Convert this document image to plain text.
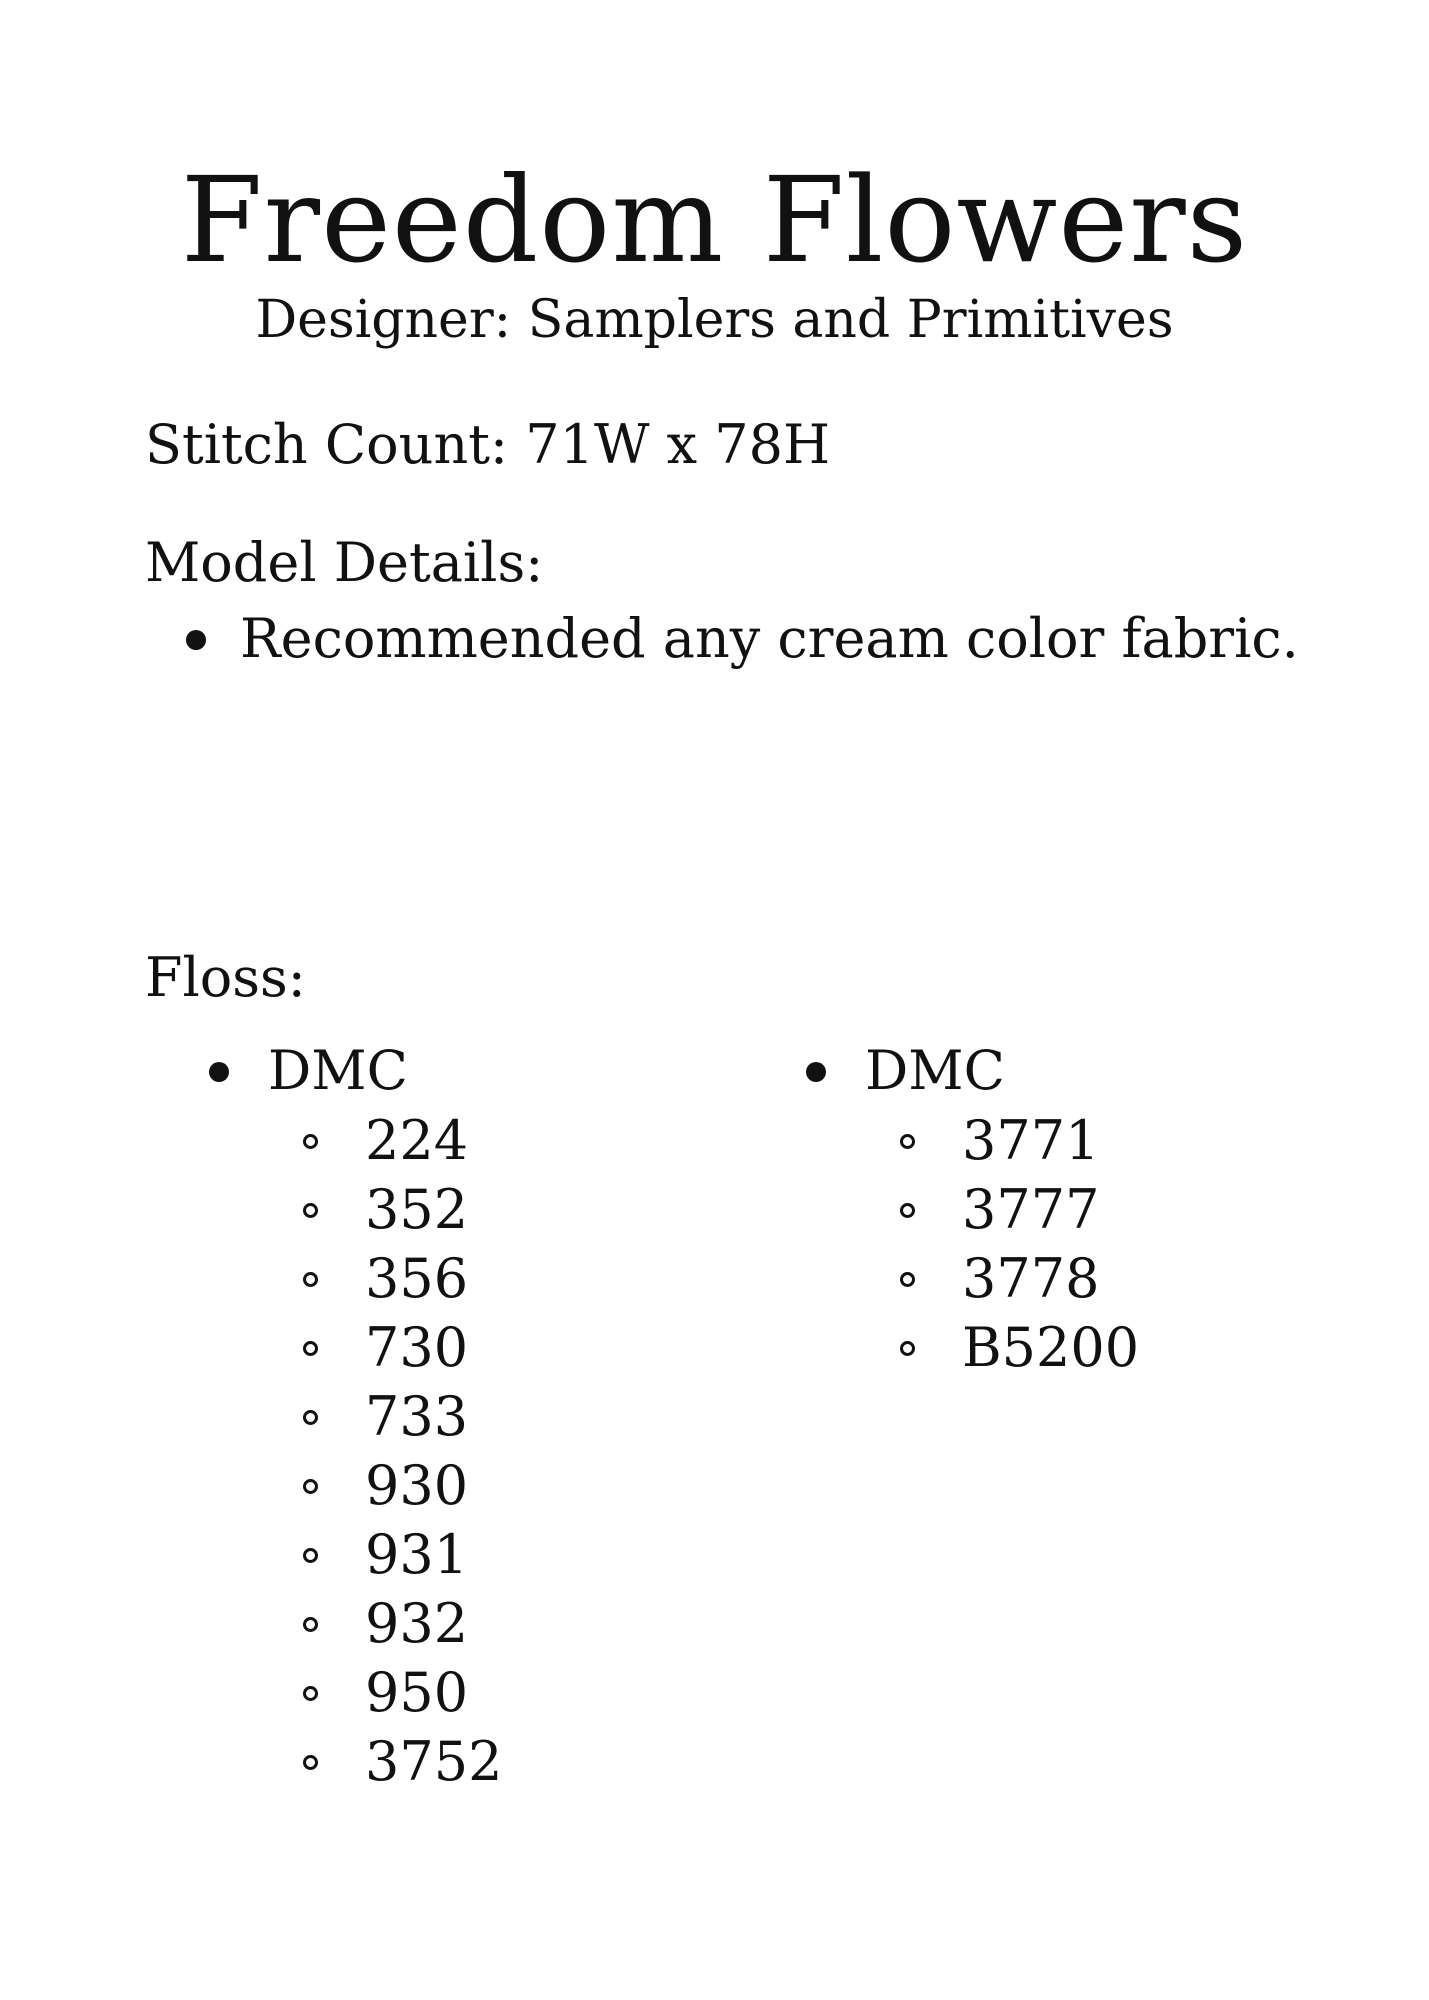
Freedom Flowers

Designer: Samplers and Primitives

Stitch Count: 71W x 78H

Model Details:

Recommended any cream color fabric.

Floss:

DMC

224

352

356

730

733

930

931

932

950

3752

DMC

3771

3777

3778

B5200
